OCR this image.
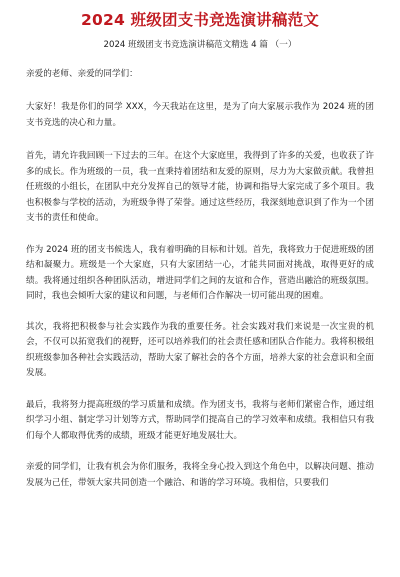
2024 班级团支书竞选演讲稿范文
2024 班级团支书竞选演讲稿范文精选 4 篇 （一）
亲爱的老师、亲爱的同学们：

大家好！我是你们的同学 XXX，今天我站在这里，是为了向大家展示我作为 2024 班的团支书竞选的决心和力量。

首先，请允许我回顾一下过去的三年。在这个大家庭里，我得到了许多的关爱，也收获了许多的成长。作为班级的一员，我一直秉持着团结和友爱的原则，尽力为大家做贡献。我曾担任班级的小组长，在团队中充分发挥自己的领导才能，协调和指导大家完成了多个项目。我也积极参与学校的活动，为班级争得了荣誉。通过这些经历，我深刻地意识到了作为一个团支书的责任和使命。

作为 2024 班的团支书候选人，我有着明确的目标和计划。首先，我将致力于促进班级的团结和凝聚力。班级是一个大家庭，只有大家团结一心，才能共同面对挑战，取得更好的成绩。我将通过组织各种团队活动，增进同学们之间的友谊和合作，营造出融洽的班级氛围。同时，我也会倾听大家的建议和问题，与老师们合作解决一切可能出现的困难。

其次，我将把积极参与社会实践作为我的重要任务。社会实践对我们来说是一次宝贵的机会，不仅可以拓宽我们的视野，还可以培养我们的社会责任感和团队合作能力。我将积极组织班级参加各种社会实践活动，帮助大家了解社会的各个方面，培养大家的社会意识和全面发展。

最后，我将努力提高班级的学习质量和成绩。作为团支书，我将与老师们紧密合作，通过组织学习小组、制定学习计划等方式，帮助同学们提高自己的学习效率和成绩。我相信只有我们每个人都取得优秀的成绩，班级才能更好地发展壮大。

亲爱的同学们，让我有机会为你们服务，我将全身心投入到这个角色中，以解决问题、推动发展为己任，带领大家共同创造一个融洽、和谐的学习环境。我相信，只要我们
